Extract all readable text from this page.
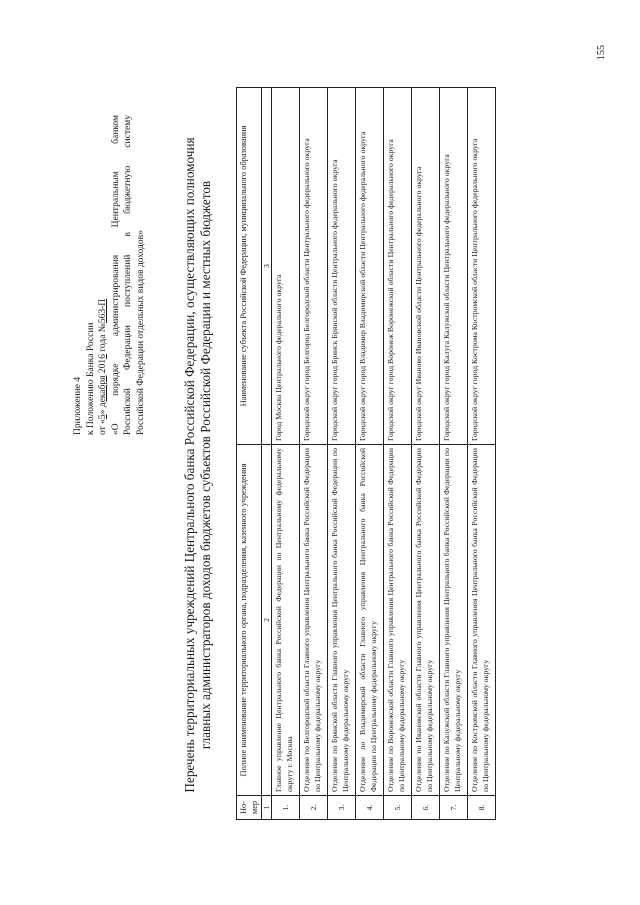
155
Приложение 4 к Положению Банка России от «5» декабря 2016 года №563-П «О порядке администрирования Центральным банком Российской Федерации поступлений в бюджетную систему Российской Федерации отдельных видов доходов»	Перечень территориальных учреждений Центрального банка Российской Федерации, осуществляющих полномочия главных администраторов доходов бюджетов субъектов Российской Федерации и местных бюджетов
Но-мер	Полное наименование территориального органа, подразделения, казенного учреждения	Наименование субъекта Российской Федерации, муниципального образования
1	2	3
1.	Главное управление Центрального банка Российской Федерации по Центральному федеральному округу г. Москва	Город Москва Центрального федерального округа
2.	Отделение по Белгородской области Главного управления Центрального банка Российской Федерации по Центральному федеральному округу	Городской округ город Белгород Белгородской области Центрального федерального округа
3.	Отделение по Брянской области Главного управления Центрального банка Российской Федерации по Центральному федеральному округу	Городской округ город Брянск Брянской области Центрального федерального округа
4.	Отделение по Владимирской области Главного управления Центрального банка Российской Федерации по Центральному федеральному округу	Городской округ город Владимир Владимирской области Центрального федерального округа
5.	Отделение по Воронежской области Главного управления Центрального банка Российской Федерации по Центральному федеральному округу	Городской округ город Воронеж Воронежской области Центрального федерального округа
6.	Отделение по Ивановской области Главного управления Центрального банка Российской Федерации по Центральному федеральному округу	Городской округ Иваново Ивановской области Центрального федерального округа
7.	Отделение по Калужской области Главного управления Центрального банка Российской Федерации по Центральному федеральному округу	Городской округ город Калуга Калужской области Центрального федерального округа
8.	Отделение по Костромской области Главного управления Центрального банка Российской Федерации по Центральному федеральному округу	Городской округ город Кострома Костромской области Центрального федерального округа
